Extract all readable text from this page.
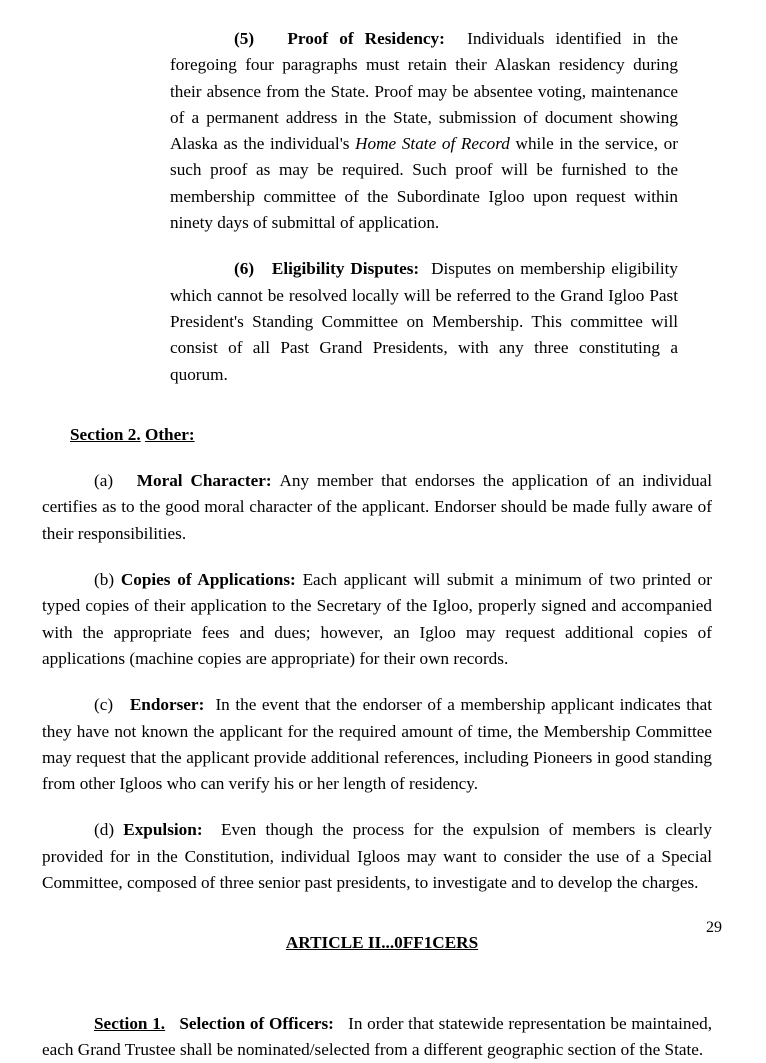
(5) Proof of Residency: Individuals identified in the foregoing four paragraphs must retain their Alaskan residency during their absence from the State. Proof may be absentee voting, maintenance of a permanent address in the State, submission of document showing Alaska as the individual's Home State of Record while in the service, or such proof as may be required. Such proof will be furnished to the membership committee of the Subordinate Igloo upon request within ninety days of submittal of application.

(6) Eligibility Disputes: Disputes on membership eligibility which cannot be resolved locally will be referred to the Grand Igloo Past President's Standing Committee on Membership. This committee will consist of all Past Grand Presidents, with any three constituting a quorum.

Section 2. Other:

(a) Moral Character: Any member that endorses the application of an individual certifies as to the good moral character of the applicant. Endorser should be made fully aware of their responsibilities.

(b) Copies of Applications: Each applicant will submit a minimum of two printed or typed copies of their application to the Secretary of the Igloo, properly signed and accompanied with the appropriate fees and dues; however, an Igloo may request additional copies of applications (machine copies are appropriate) for their own records.

(c) Endorser: In the event that the endorser of a membership applicant indicates that they have not known the applicant for the required amount of time, the Membership Committee may request that the applicant provide additional references, including Pioneers in good standing from other Igloos who can verify his or her length of residency.

(d) Expulsion: Even though the process for the expulsion of members is clearly provided for in the Constitution, individual Igloos may want to consider the use of a Special Committee, composed of three senior past presidents, to investigate and to develop the charges.

ARTICLE II...0FF1CERS

Section 1. Selection of Officers: In order that statewide representation be maintained, each Grand Trustee shall be nominated/selected from a different geographic section of the State.

29
